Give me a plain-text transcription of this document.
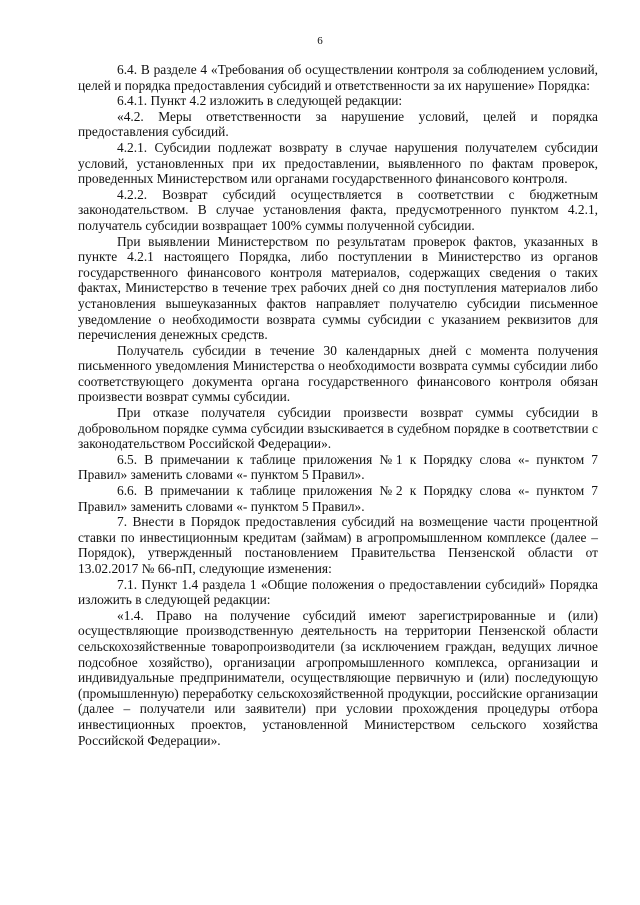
6

6.4. В разделе 4 «Требования об осуществлении контроля за соблюдением условий, целей и порядка предоставления субсидий и ответственности за их нарушение» Порядка:

6.4.1. Пункт 4.2 изложить в следующей редакции:

«4.2. Меры ответственности за нарушение условий, целей и порядка предоставления субсидий.

4.2.1. Субсидии подлежат возврату в случае нарушения получателем субсидии условий, установленных при их предоставлении, выявленного по фактам проверок, проведенных Министерством или органами государственного финансового контроля.

4.2.2. Возврат субсидий осуществляется в соответствии с бюджетным законодательством. В случае установления факта, предусмотренного пунктом 4.2.1, получатель субсидии возвращает 100% суммы полученной субсидии.

При выявлении Министерством по результатам проверок фактов, указанных в пункте 4.2.1 настоящего Порядка, либо поступлении в Министерство из органов государственного финансового контроля материалов, содержащих сведения о таких фактах, Министерство в течение трех рабочих дней со дня поступления материалов либо установления вышеуказанных фактов направляет получателю субсидии письменное уведомление о необходимости возврата суммы субсидии с указанием реквизитов для перечисления денежных средств.

Получатель субсидии в течение 30 календарных дней с момента получения письменного уведомления Министерства о необходимости возврата суммы субсидии либо соответствующего документа органа государственного финансового контроля обязан произвести возврат суммы субсидии.

При отказе получателя субсидии произвести возврат суммы субсидии в добровольном порядке сумма субсидии взыскивается в судебном порядке в соответствии с законодательством Российской Федерации».

6.5. В примечании к таблице приложения №1 к Порядку слова «- пунктом 7 Правил» заменить словами «- пунктом 5 Правил».

6.6. В примечании к таблице приложения №2 к Порядку слова «- пунктом 7 Правил» заменить словами «- пунктом 5 Правил».

7. Внести в Порядок предоставления субсидий на возмещение части процентной ставки по инвестиционным кредитам (займам) в агропромышленном комплексе (далее – Порядок), утвержденный постановлением Правительства Пензенской области от 13.02.2017 № 66-пП, следующие изменения:

7.1. Пункт 1.4 раздела 1 «Общие положения о предоставлении субсидий» Порядка изложить в следующей редакции:

«1.4. Право на получение субсидий имеют зарегистрированные и (или) осуществляющие производственную деятельность на территории Пензенской области сельскохозяйственные товаропроизводители (за исключением граждан, ведущих личное подсобное хозяйство), организации агропромышленного комплекса, организации и индивидуальные предприниматели, осуществляющие первичную и (или) последующую (промышленную) переработку сельскохозяйственной продукции, российские организации (далее – получатели или заявители) при условии прохождения процедуры отбора инвестиционных проектов, установленной Министерством сельского хозяйства Российской Федерации».
